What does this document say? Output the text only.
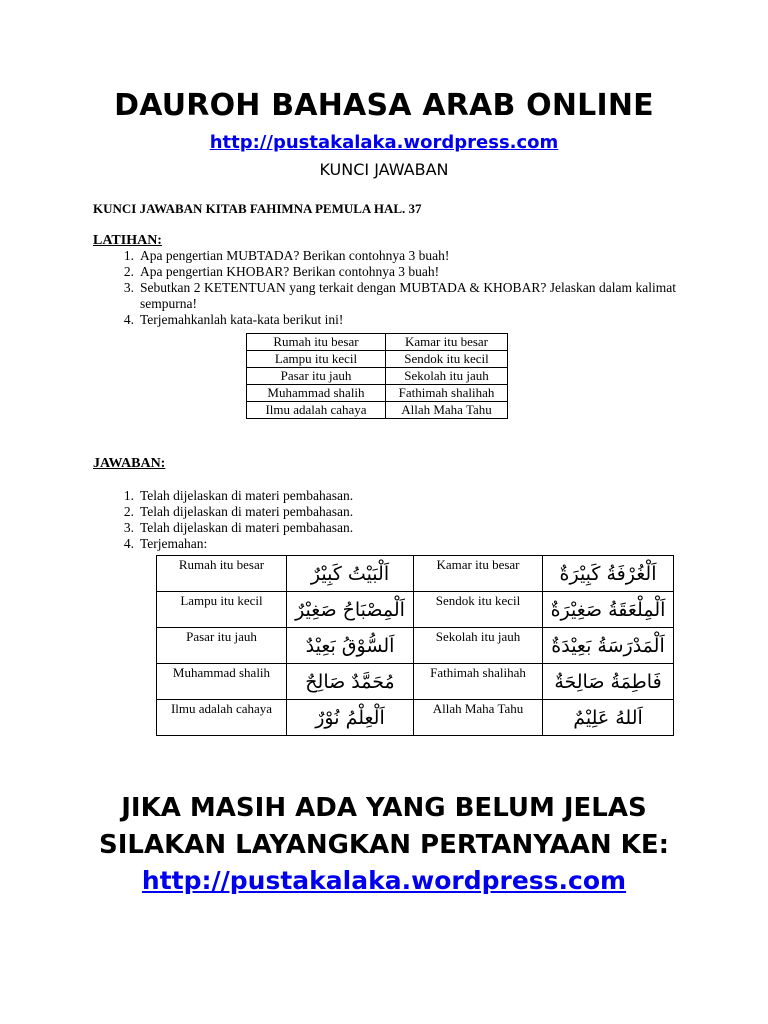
DAUROH BAHASA ARAB ONLINE
http://pustakalaka.wordpress.com
KUNCI JAWABAN
KUNCI JAWABAN KITAB FAHIMNA PEMULA HAL. 37
LATIHAN:
1. Apa pengertian MUBTADA? Berikan contohnya 3 buah!
2. Apa pengertian KHOBAR? Berikan contohnya 3 buah!
3. Sebutkan 2 KETENTUAN yang terkait dengan MUBTADA & KHOBAR? Jelaskan dalam kalimat sempurna!
4. Terjemahkanlah kata-kata berikut ini!
Rumah itu besar	Kamar itu besar
Lampu itu kecil	Sendok itu kecil
Pasar itu jauh	Sekolah itu jauh
Muhammad shalih	Fathimah shalihah
Ilmu adalah cahaya	Allah Maha Tahu
JAWABAN:
1. Telah dijelaskan di materi pembahasan.
2. Telah dijelaskan di materi pembahasan.
3. Telah dijelaskan di materi pembahasan.
4. Terjemahan:
Rumah itu besar	اَلْبَيْتُ كَبِيْرٌ	Kamar itu besar	اَلْغُرْفَةُ كَبِيْرَةٌ

Lampu itu kecil	اَلْمِصْبَاحُ صَغِيْرٌ	Sendok itu kecil	اَلْمِلْعَقَةُ صَغِيْرَةٌ

Pasar itu jauh	اَلسُّوْقُ بَعِيْدٌ	Sekolah itu jauh	اَلْمَدْرَسَةُ بَعِيْدَةٌ

Muhammad shalih	مُحَمَّدٌ صَالِحٌ	Fathimah shalihah	فَاطِمَةُ صَالِحَةٌ

Ilmu adalah cahaya	اَلْعِلْمُ نُوْرٌ	Allah Maha Tahu	اَللهُ عَلِيْمٌ
JIKA MASIH ADA YANG BELUM JELAS
SILAKAN LAYANGKAN PERTANYAAN KE:
http://pustakalaka.wordpress.com
